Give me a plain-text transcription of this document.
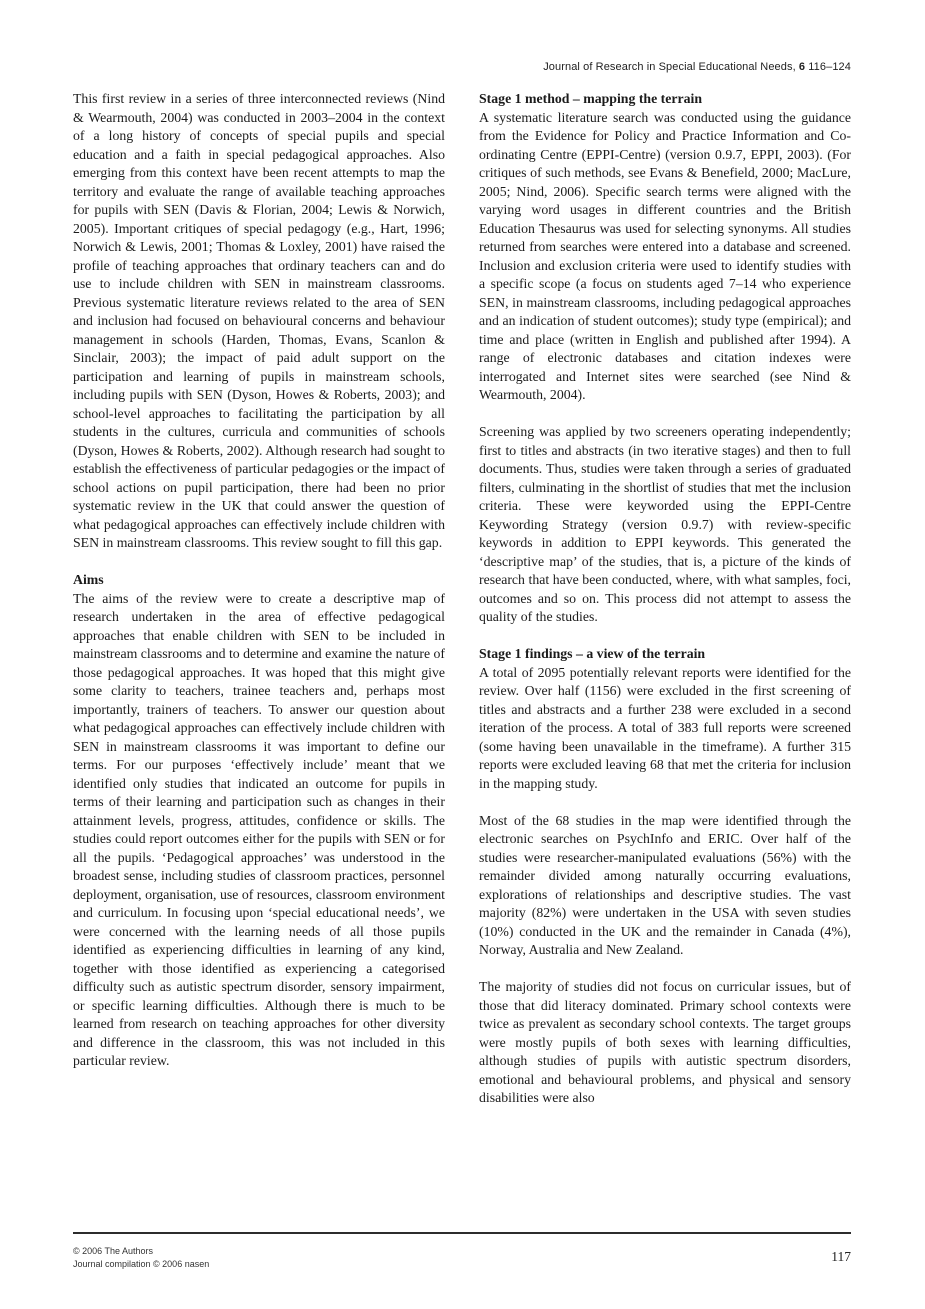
Journal of Research in Special Educational Needs, 6 116–124

This first review in a series of three interconnected reviews (Nind & Wearmouth, 2004) was conducted in 2003–2004 in the context of a long history of concepts of special pupils and special education and a faith in special pedagogical approaches. Also emerging from this context have been recent attempts to map the territory and evaluate the range of available teaching approaches for pupils with SEN (Davis & Florian, 2004; Lewis & Norwich, 2005). Important critiques of special pedagogy (e.g., Hart, 1996; Norwich & Lewis, 2001; Thomas & Loxley, 2001) have raised the profile of teaching approaches that ordinary teachers can and do use to include children with SEN in mainstream classrooms. Previous systematic literature reviews related to the area of SEN and inclusion had focused on behavioural concerns and behaviour management in schools (Harden, Thomas, Evans, Scanlon & Sinclair, 2003); the impact of paid adult support on the participation and learning of pupils in mainstream schools, including pupils with SEN (Dyson, Howes & Roberts, 2003); and school-level approaches to facilitating the participation by all students in the cultures, curricula and communities of schools (Dyson, Howes & Roberts, 2002). Although research had sought to establish the effectiveness of particular pedagogies or the impact of school actions on pupil participation, there had been no prior systematic review in the UK that could answer the question of what pedagogical approaches can effectively include children with SEN in mainstream classrooms. This review sought to fill this gap.

Aims

The aims of the review were to create a descriptive map of research undertaken in the area of effective pedagogical approaches that enable children with SEN to be included in mainstream classrooms and to determine and examine the nature of those pedagogical approaches. It was hoped that this might give some clarity to teachers, trainee teachers and, perhaps most importantly, trainers of teachers. To answer our question about what pedagogical approaches can effectively include children with SEN in mainstream classrooms it was important to define our terms. For our purposes ‘effectively include’ meant that we identified only studies that indicated an outcome for pupils in terms of their learning and participation such as changes in their attainment levels, progress, attitudes, confidence or skills. The studies could report outcomes either for the pupils with SEN or for all the pupils. ‘Pedagogical approaches’ was understood in the broadest sense, including studies of classroom practices, personnel deployment, organisation, use of resources, classroom environment and curriculum. In focusing upon ‘special educational needs’, we were concerned with the learning needs of all those pupils identified as experiencing difficulties in learning of any kind, together with those identified as experiencing a categorised difficulty such as autistic spectrum disorder, sensory impairment, or specific learning difficulties. Although there is much to be learned from research on teaching approaches for other diversity and difference in the classroom, this was not included in this particular review.

Stage 1 method – mapping the terrain

A systematic literature search was conducted using the guidance from the Evidence for Policy and Practice Information and Co-ordinating Centre (EPPI-Centre) (version 0.9.7, EPPI, 2003). (For critiques of such methods, see Evans & Benefield, 2000; MacLure, 2005; Nind, 2006). Specific search terms were aligned with the varying word usages in different countries and the British Education Thesaurus was used for selecting synonyms. All studies returned from searches were entered into a database and screened. Inclusion and exclusion criteria were used to identify studies with a specific scope (a focus on students aged 7–14 who experience SEN, in mainstream classrooms, including pedagogical approaches and an indication of student outcomes); study type (empirical); and time and place (written in English and published after 1994). A range of electronic databases and citation indexes were interrogated and Internet sites were searched (see Nind & Wearmouth, 2004).

Screening was applied by two screeners operating independently; first to titles and abstracts (in two iterative stages) and then to full documents. Thus, studies were taken through a series of graduated filters, culminating in the shortlist of studies that met the inclusion criteria. These were keyworded using the EPPI-Centre Keywording Strategy (version 0.9.7) with review-specific keywords in addition to EPPI keywords. This generated the ‘descriptive map’ of the studies, that is, a picture of the kinds of research that have been conducted, where, with what samples, foci, outcomes and so on. This process did not attempt to assess the quality of the studies.

Stage 1 findings – a view of the terrain

A total of 2095 potentially relevant reports were identified for the review. Over half (1156) were excluded in the first screening of titles and abstracts and a further 238 were excluded in a second iteration of the process. A total of 383 full reports were screened (some having been unavailable in the timeframe). A further 315 reports were excluded leaving 68 that met the criteria for inclusion in the mapping study.

Most of the 68 studies in the map were identified through the electronic searches on PsychInfo and ERIC. Over half of the studies were researcher-manipulated evaluations (56%) with the remainder divided among naturally occurring evaluations, explorations of relationships and descriptive studies. The vast majority (82%) were undertaken in the USA with seven studies (10%) conducted in the UK and the remainder in Canada (4%), Norway, Australia and New Zealand.

The majority of studies did not focus on curricular issues, but of those that did literacy dominated. Primary school contexts were twice as prevalent as secondary school contexts. The target groups were mostly pupils of both sexes with learning difficulties, although studies of pupils with autistic spectrum disorders, emotional and behavioural problems, and physical and sensory disabilities were also

© 2006 The Authors
Journal compilation © 2006 nasen	117
